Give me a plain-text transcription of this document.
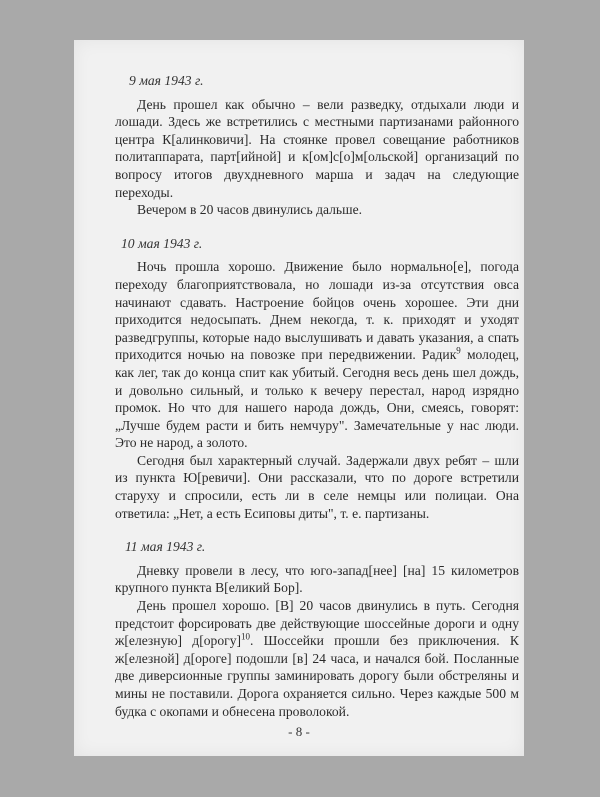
9 мая 1943 г.

День прошел как обычно – вели разведку, отдыхали люди и лошади. Здесь же встретились с местными партизанами районного центра К[алинковичи]. На стоянке провел совещание работников политаппарата, парт[ийной] и к[ом]с[о]м[ольской] организаций по вопросу итогов двухдневного марша и задач на следующие переходы.

Вечером в 20 часов двинулись дальше.

10 мая 1943 г.

Ночь прошла хорошо. Движение было нормально[е], погода переходу благоприятствовала, но лошади из-за отсутствия овса начинают сдавать. Настроение бойцов очень хорошее. Эти дни приходится недосыпать. Днем некогда, т. к. приходят и уходят разведгруппы, которые надо выслушивать и давать указания, а спать приходится ночью на повозке при передвижении. Радик$^9$ молодец, как лег, так до конца спит как убитый. Сегодня весь день шел дождь, и довольно сильный, и только к вечеру перестал, народ изрядно промок. Но что для нашего народа дождь, Они, смеясь, говорят: „Лучше будем расти и бить немчуру". Замечательные у нас люди. Это не народ, а золото.

Сегодня был характерный случай. Задержали двух ребят – шли из пункта Ю[ревичи]. Они рассказали, что по дороге встретили старуху и спросили, есть ли в селе немцы или полицаи. Она ответила: „Нет, а есть Есиповы диты", т. е. партизаны.

11 мая 1943 г.

Дневку провели в лесу, что юго-запад[нее] [на] 15 километров крупного пункта В[еликий Бор].

День прошел хорошо. [В] 20 часов двинулись в путь. Сегодня предстоит форсировать две действующие шоссейные дороги и одну ж[елезную] д[орогу]$^{10}$. Шоссейки прошли без приключения. К ж[елезной] д[ороге] подошли [в] 24 часа, и начался бой. Посланные две диверсионные группы заминировать дорогу были обстреляны и мины не поставили. Дорога охраняется сильно. Через каждые 500 м будка с окопами и обнесена проволокой.

- 8 -
